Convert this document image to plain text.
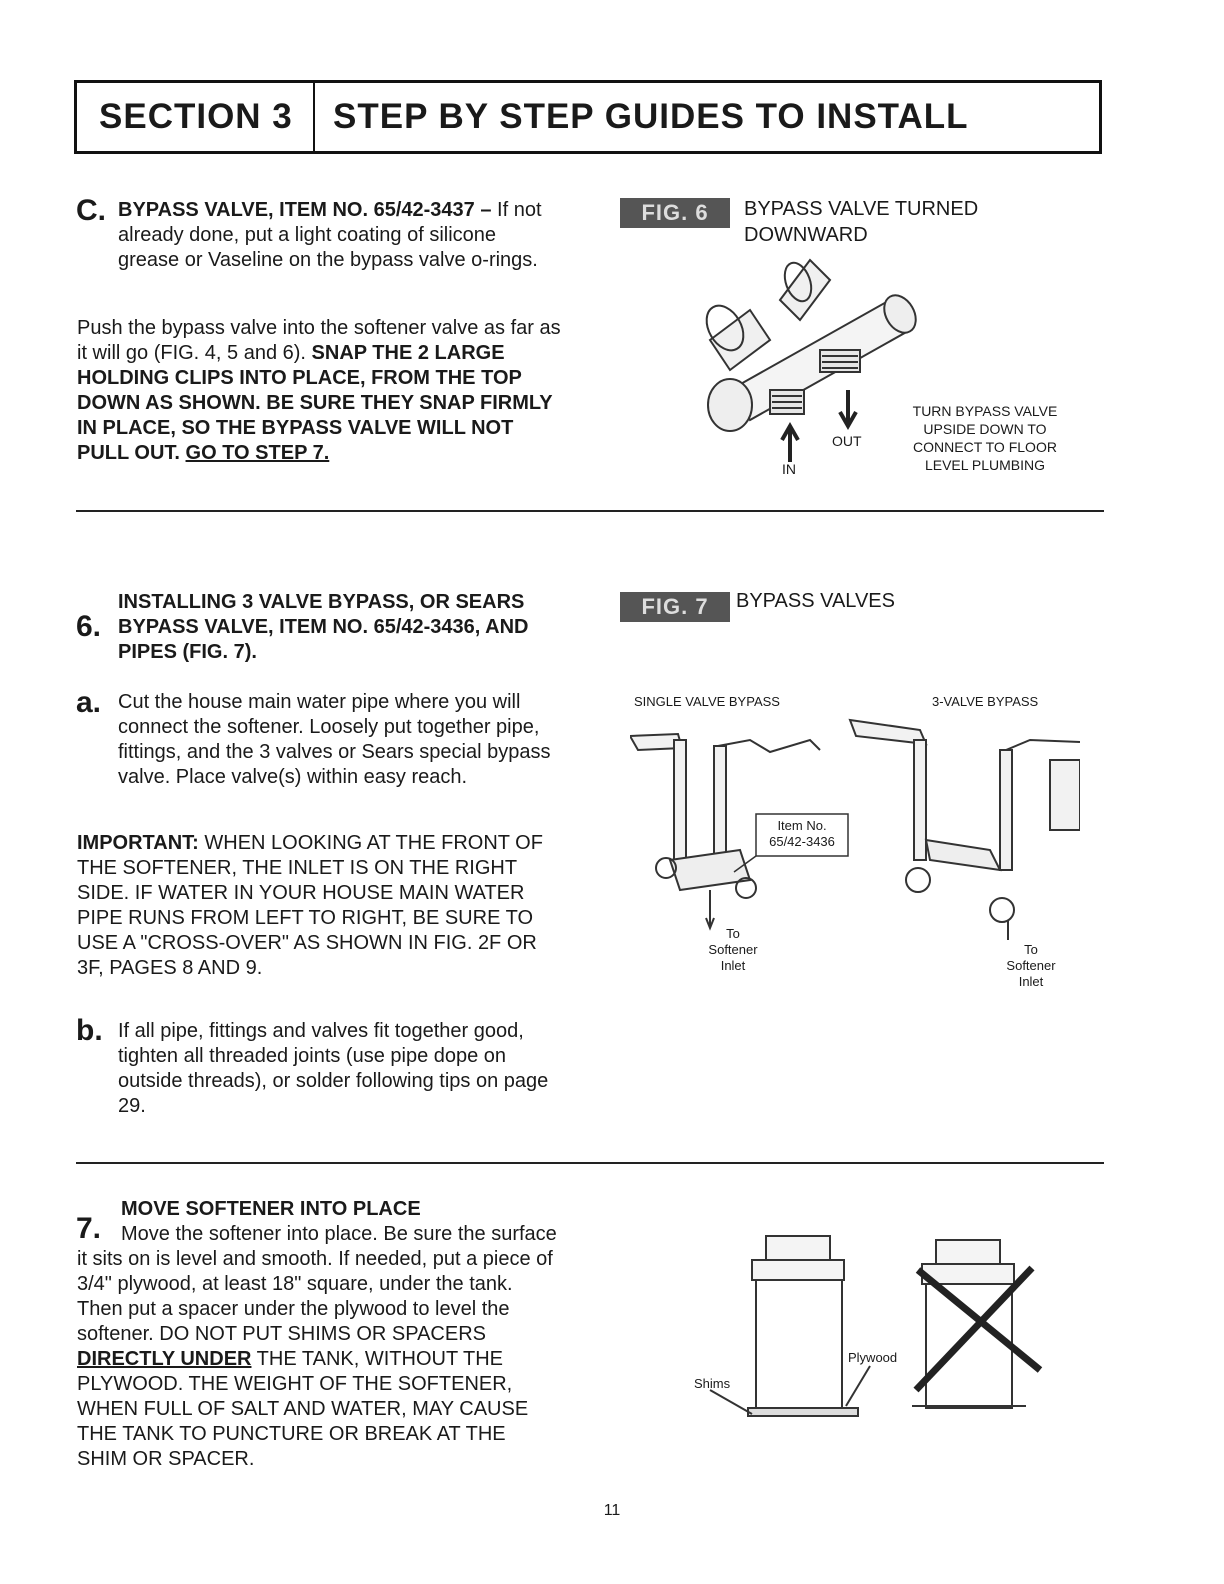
SECTION 3 STEP BY STEP GUIDES TO INSTALL
C. BYPASS VALVE, ITEM NO. 65/42-3437 – If not already done, put a light coating of silicone grease or Vaseline on the bypass valve o-rings.
Push the bypass valve into the softener valve as far as it will go (FIG. 4, 5 and 6). SNAP THE 2 LARGE HOLDING CLIPS INTO PLACE, FROM THE TOP DOWN AS SHOWN. BE SURE THEY SNAP FIRMLY IN PLACE, SO THE BYPASS VALVE WILL NOT PULL OUT. GO TO STEP 7.
FIG. 6	BYPASS VALVE TURNED DOWNWARD
IN
OUT
TURN BYPASS VALVE UPSIDE DOWN TO CONNECT TO FLOOR LEVEL PLUMBING
6.
INSTALLING 3 VALVE BYPASS, OR SEARS BYPASS VALVE, ITEM NO. 65/42-3436, AND PIPES (FIG. 7).
a. Cut the house main water pipe where you will connect the softener. Loosely put together pipe, fittings, and the 3 valves or Sears special bypass valve. Place valve(s) within easy reach.
IMPORTANT: WHEN LOOKING AT THE FRONT OF THE SOFTENER, THE INLET IS ON THE RIGHT SIDE. IF WATER IN YOUR HOUSE MAIN WATER PIPE RUNS FROM LEFT TO RIGHT, BE SURE TO USE A "CROSS-OVER" AS SHOWN IN FIG. 2F OR 3F, PAGES 8 AND 9.
b. If all pipe, fittings and valves fit together good, tighten all threaded joints (use pipe dope on outside threads), or solder following tips on page 29.
FIG. 7	BYPASS VALVES
SINGLE VALVE BYPASS	3-VALVE BYPASS
Item No.
65/42-3436
To
Softener
Inlet
To
Softener
Inlet
7.
MOVE SOFTENER INTO PLACE
Move the softener into place. Be sure the surface it sits on is level and smooth. If needed, put a piece of 3/4" plywood, at least 18" square, under the tank. Then put a spacer under the plywood to level the softener. DO NOT PUT SHIMS OR SPACERS DIRECTLY UNDER THE TANK, WITHOUT THE PLYWOOD. THE WEIGHT OF THE SOFTENER, WHEN FULL OF SALT AND WATER, MAY CAUSE THE TANK TO PUNCTURE OR BREAK AT THE SHIM OR SPACER.
Plywood
Shims
11
